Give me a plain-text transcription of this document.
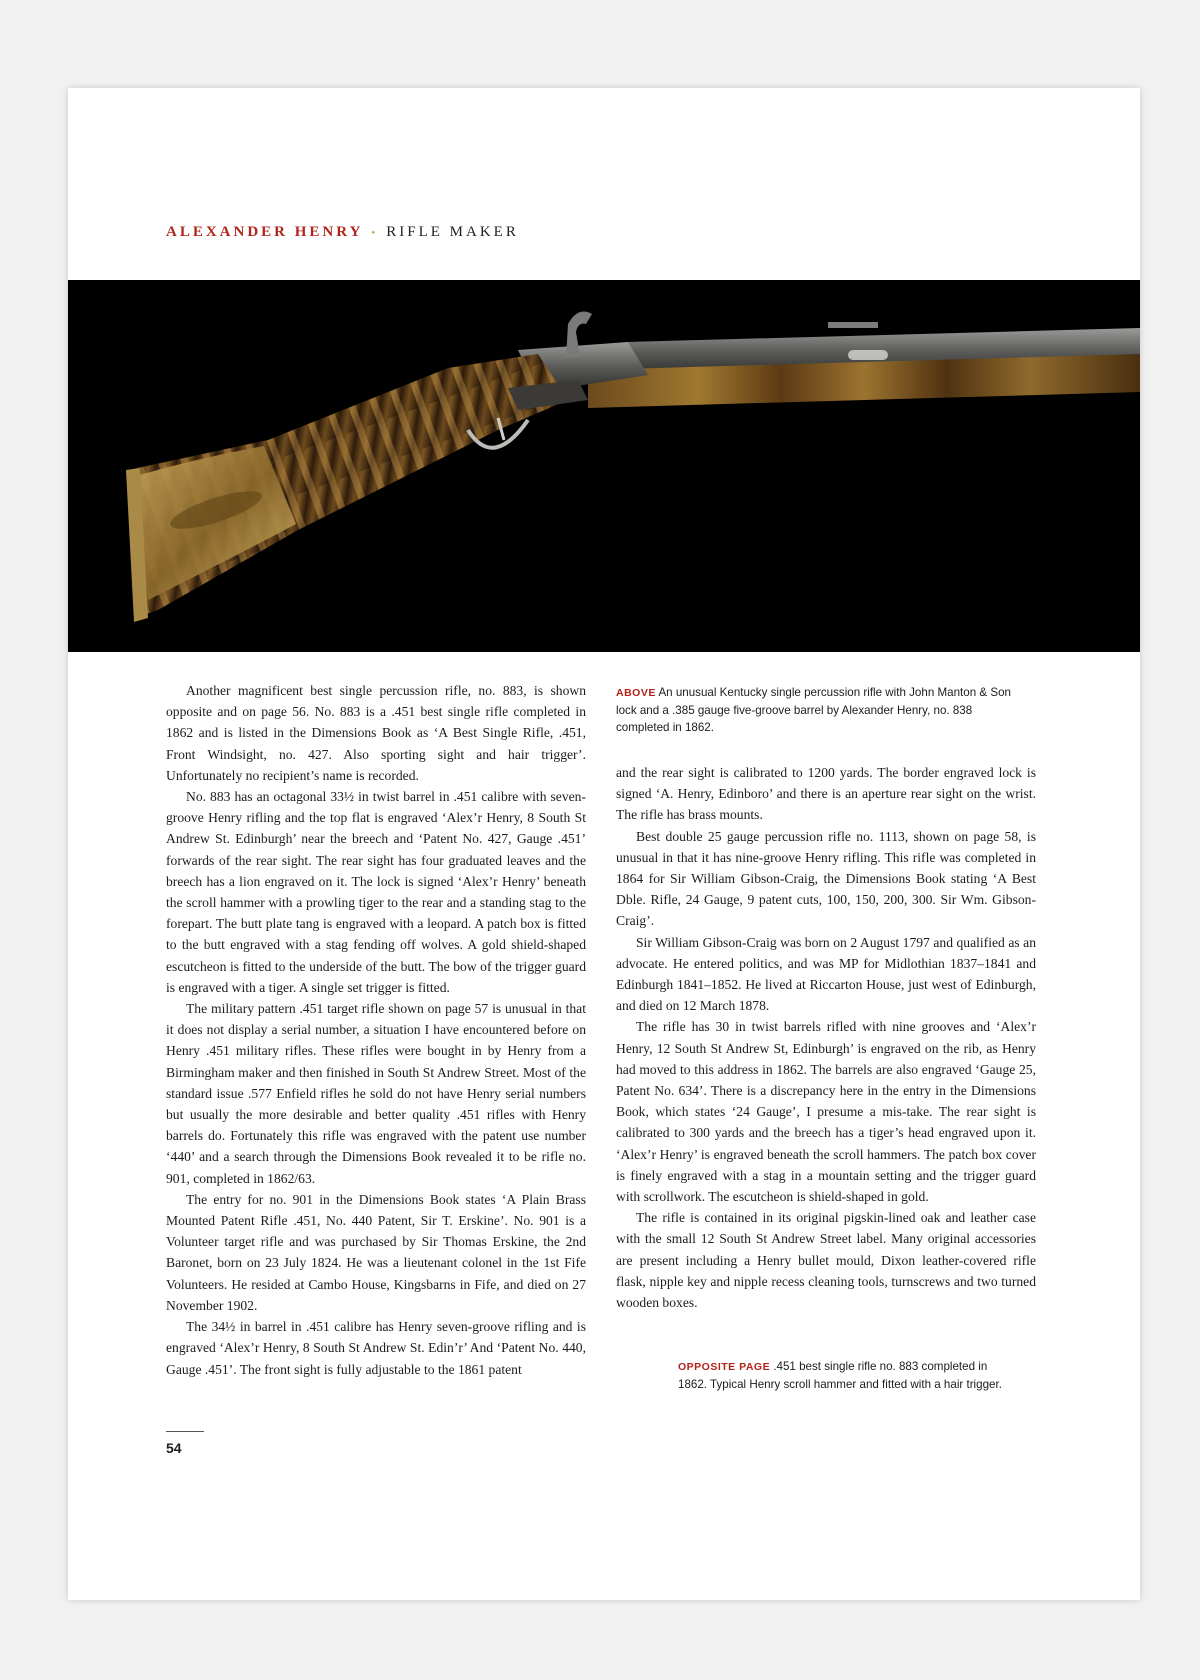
ALEXANDER HENRY • RIFLE MAKER

Another magnificent best single percussion rifle, no. 883, is shown opposite and on page 56. No. 883 is a .451 best single rifle completed in 1862 and is listed in the Dimensions Book as ‘A Best Single Rifle, .451, Front Windsight, no. 427. Also sporting sight and hair trigger’. Unfortunately no recipient’s name is recorded.

No. 883 has an octagonal 33½ in twist barrel in .451 calibre with seven-groove Henry rifling and the top flat is engraved ‘Alex’r Henry, 8 South St Andrew St. Edinburgh’ near the breech and ‘Patent No. 427, Gauge .451’ forwards of the rear sight. The rear sight has four graduated leaves and the breech has a lion engraved on it. The lock is signed ‘Alex’r Henry’ beneath the scroll hammer with a prowling tiger to the rear and a standing stag to the forepart. The butt plate tang is engraved with a leopard. A patch box is fitted to the butt engraved with a stag fending off wolves. A gold shield-shaped escutcheon is fitted to the underside of the butt. The bow of the trigger guard is engraved with a tiger. A single set trigger is fitted.

The military pattern .451 target rifle shown on page 57 is unusual in that it does not display a serial number, a situation I have encountered before on Henry .451 military rifles. These rifles were bought in by Henry from a Birmingham maker and then finished in South St Andrew Street. Most of the standard issue .577 Enfield rifles he sold do not have Henry serial numbers but usually the more desirable and better quality .451 rifles with Henry barrels do. Fortunately this rifle was engraved with the patent use number ‘440’ and a search through the Dimensions Book revealed it to be rifle no. 901, completed in 1862/63.

The entry for no. 901 in the Dimensions Book states ‘A Plain Brass Mounted Patent Rifle .451, No. 440 Patent, Sir T. Erskine’. No. 901 is a Volunteer target rifle and was purchased by Sir Thomas Erskine, the 2nd Baronet, born on 23 July 1824. He was a lieutenant colonel in the 1st Fife Volunteers. He resided at Cambo House, Kingsbarns in Fife, and died on 27 November 1902.

The 34½ in barrel in .451 calibre has Henry seven-groove rifling and is engraved ‘Alex’r Henry, 8 South St Andrew St. Edin’r’ And ‘Patent No. 440, Gauge .451’. The front sight is fully adjustable to the 1861 patent

ABOVE An unusual Kentucky single percussion rifle with John Manton & Son lock and a .385 gauge five-groove barrel by Alexander Henry, no. 838 completed in 1862.

and the rear sight is calibrated to 1200 yards. The border engraved lock is signed ‘A. Henry, Edinboro’ and there is an aperture rear sight on the wrist. The rifle has brass mounts.

Best double 25 gauge percussion rifle no. 1113, shown on page 58, is unusual in that it has nine-groove Henry rifling. This rifle was completed in 1864 for Sir William Gibson-Craig, the Dimensions Book stating ‘A Best Dble. Rifle, 24 Gauge, 9 patent cuts, 100, 150, 200, 300. Sir Wm. Gibson-Craig’.

Sir William Gibson-Craig was born on 2 August 1797 and qualified as an advocate. He entered politics, and was MP for Midlothian 1837–1841 and Edinburgh 1841–1852. He lived at Riccarton House, just west of Edinburgh, and died on 12 March 1878.

The rifle has 30 in twist barrels rifled with nine grooves and ‘Alex’r Henry, 12 South St Andrew St, Edinburgh’ is engraved on the rib, as Henry had moved to this address in 1862. The barrels are also engraved ‘Gauge 25, Patent No. 634’. There is a discrepancy here in the entry in the Dimensions Book, which states ‘24 Gauge’, I presume a mis-take. The rear sight is calibrated to 300 yards and the breech has a tiger’s head engraved upon it. ‘Alex’r Henry’ is engraved beneath the scroll hammers. The patch box cover is finely engraved with a stag in a mountain setting and the trigger guard with scrollwork. The escutcheon is shield-shaped in gold.

The rifle is contained in its original pigskin-lined oak and leather case with the small 12 South St Andrew Street label. Many original accessories are present including a Henry bullet mould, Dixon leather-covered rifle flask, nipple key and nipple recess cleaning tools, turnscrews and two turned wooden boxes.

OPPOSITE PAGE .451 best single rifle no. 883 completed in 1862. Typical Henry scroll hammer and fitted with a hair trigger.
54
